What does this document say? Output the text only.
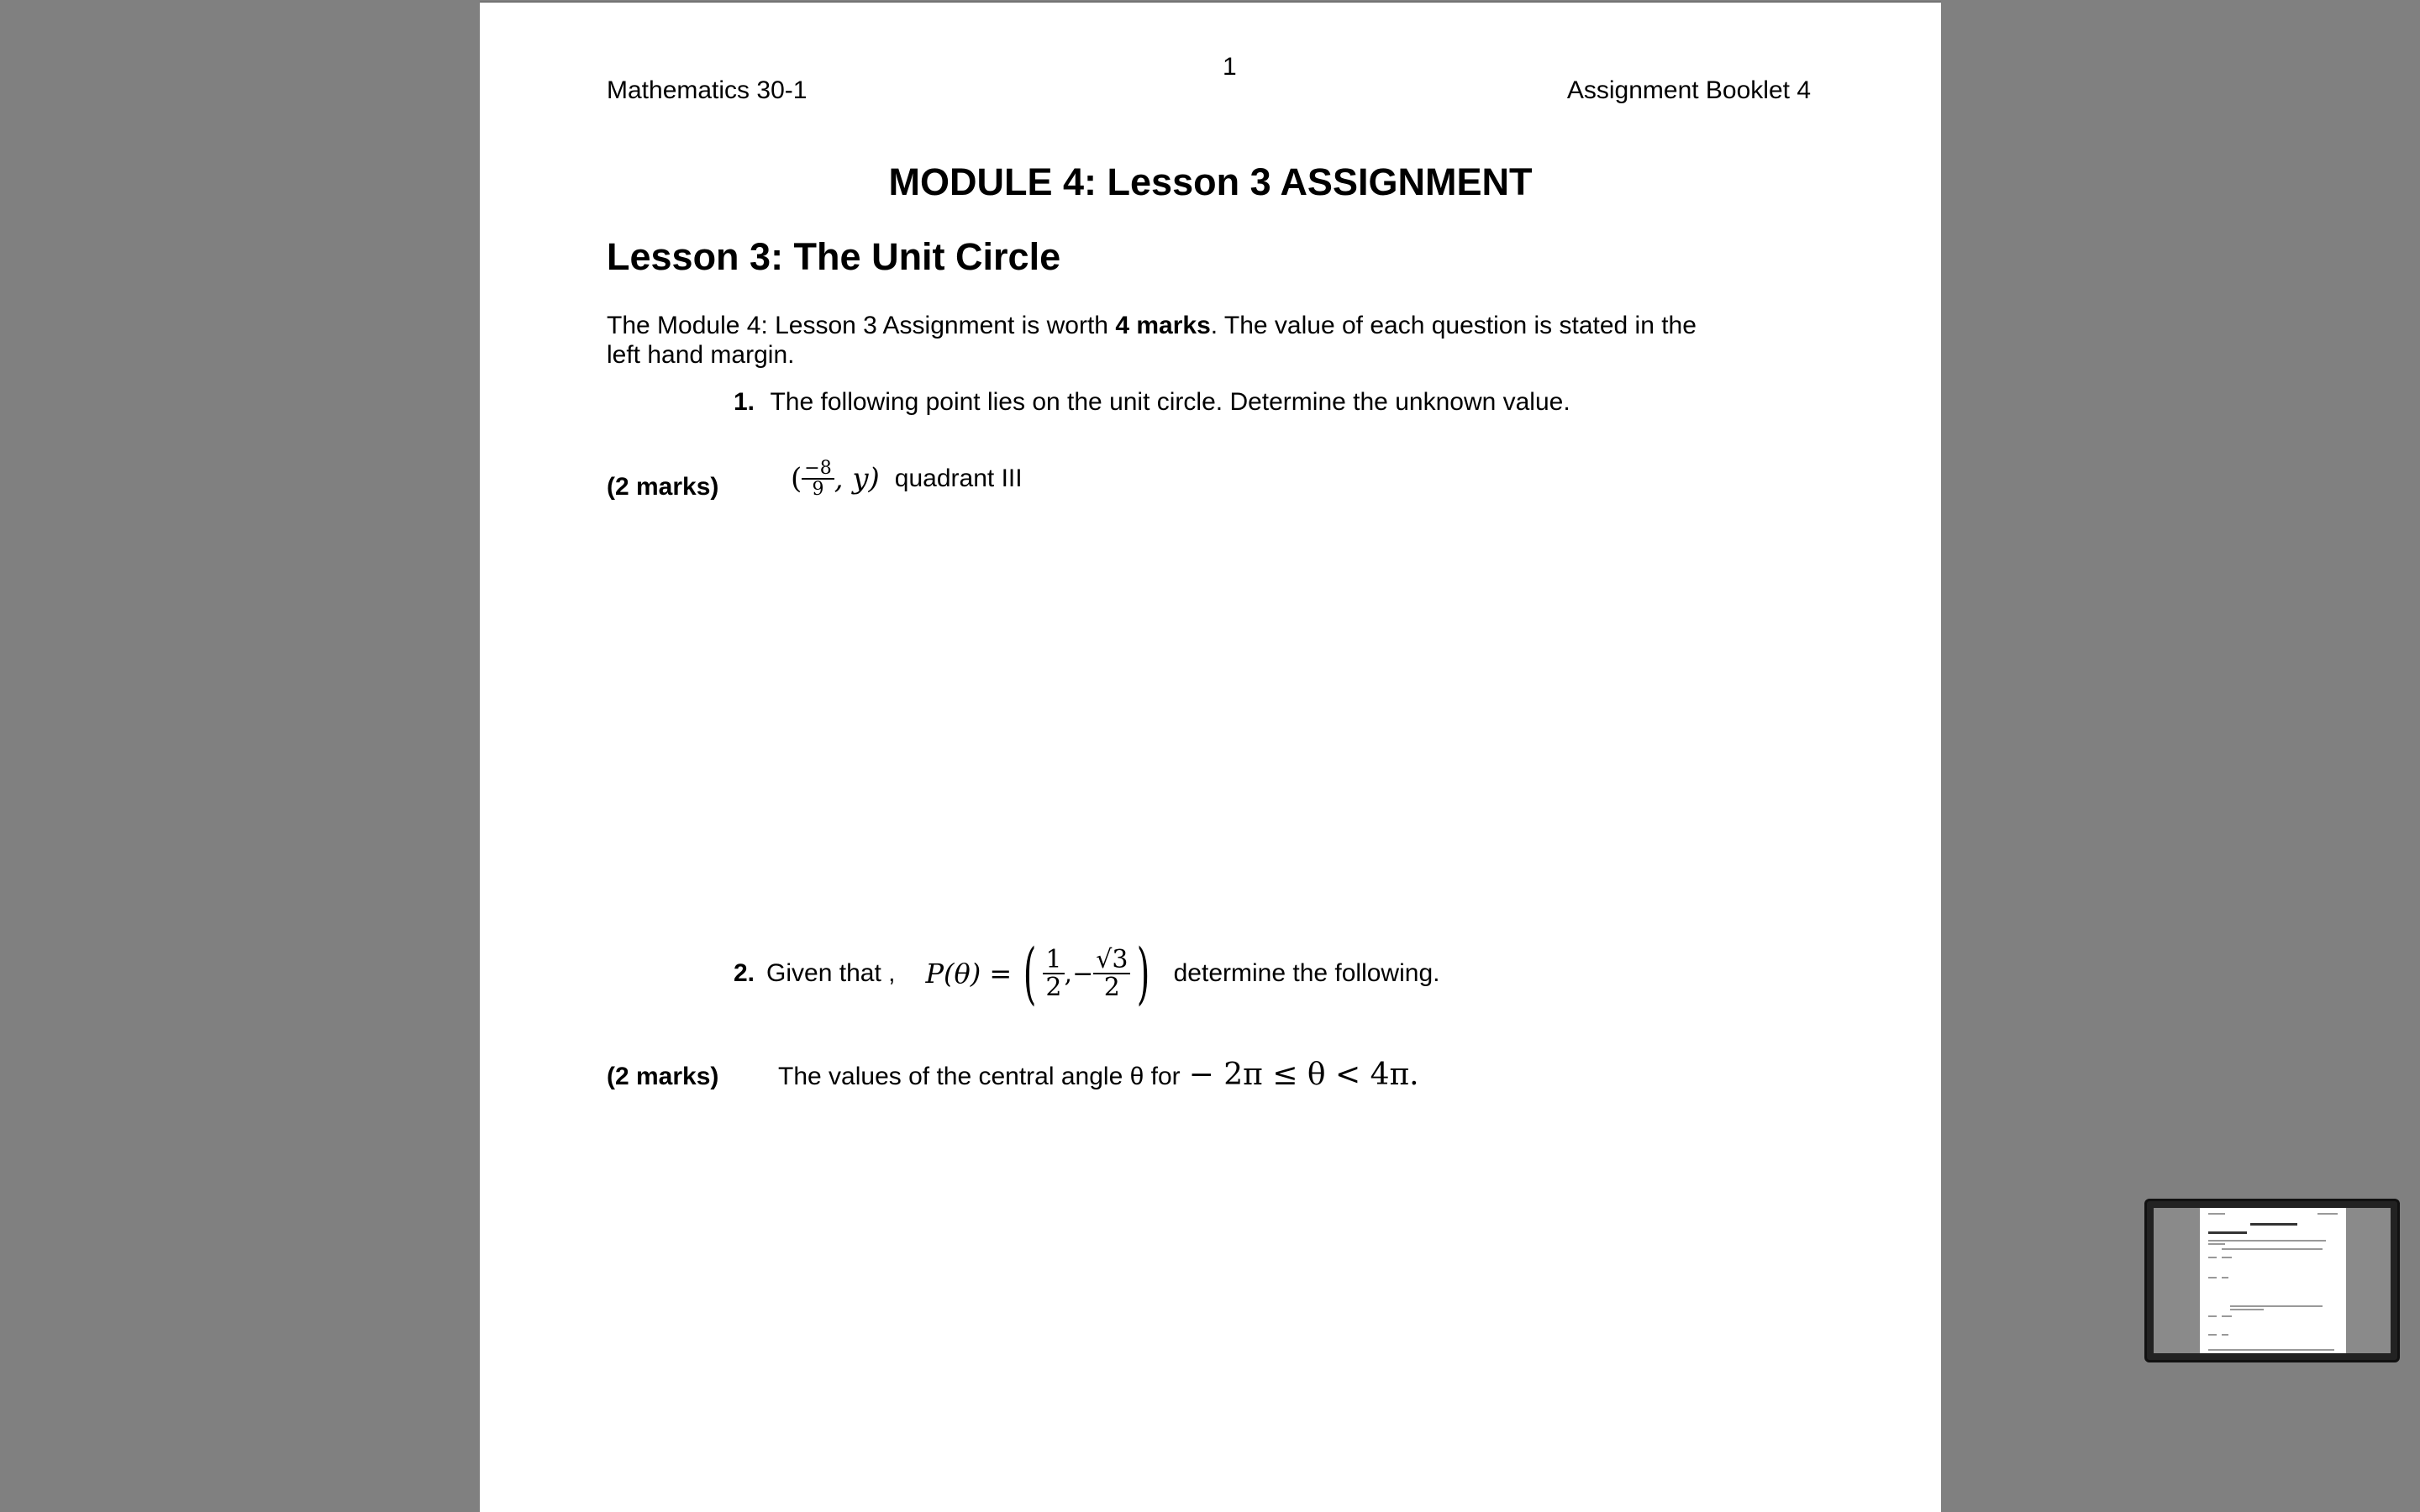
1
Mathematics 30-1	Assignment Booklet 4
MODULE 4: Lesson 3 ASSIGNMENT
Lesson 3: The Unit Circle
The Module 4: Lesson 3 Assignment is worth 4 marks. The value of each question is stated in the left hand margin.
1. The following point lies on the unit circle. Determine the unknown value.
(2 marks)	( $\frac{-8}{9}$ , y) quadrant III
2. Given that , P(θ) = ( $\frac{1}{2}$ , − $\frac{√3}{2}$ ) determine the following.
(2 marks) The values of the central angle θ for − 2π ≤ θ < 4π.
